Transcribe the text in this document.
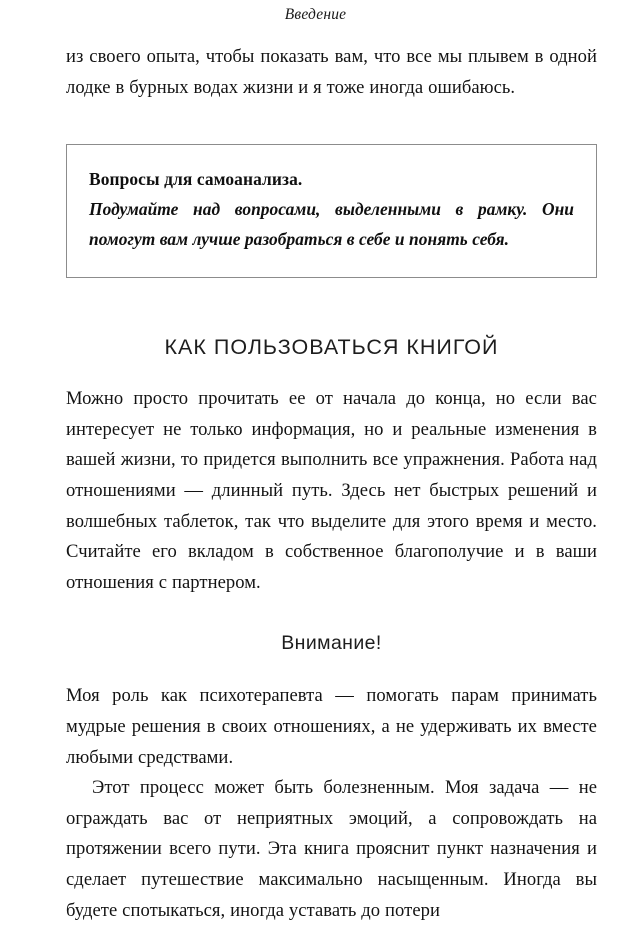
Введение

из своего опыта, чтобы показать вам, что все мы плывем в одной лодке в бурных водах жизни и я тоже иногда ошибаюсь.

Вопросы для самоанализа.

Подумайте над вопросами, выделенными в рамку. Они помогут вам лучше разобраться в себе и понять себя.

КАК ПОЛЬЗОВАТЬСЯ КНИГОЙ

Можно просто прочитать ее от начала до конца, но если вас интересует не только информация, но и реальные изменения в вашей жизни, то придется выполнить все упражнения. Работа над отношениями — длинный путь. Здесь нет быстрых решений и волшебных таблеток, так что выделите для этого время и место. Считайте его вкладом в собственное благополучие и в ваши отношения с партнером.

Внимание!

Моя роль как психотерапевта — помогать парам принимать мудрые решения в своих отношениях, а не удерживать их вместе любыми средствами.

Этот процесс может быть болезненным. Моя задача — не ограждать вас от неприятных эмоций, а сопровождать на протяжении всего пути. Эта книга прояснит пункт назначения и сделает путешествие максимально насыщенным. Иногда вы будете спотыкаться, иногда уставать до потери
